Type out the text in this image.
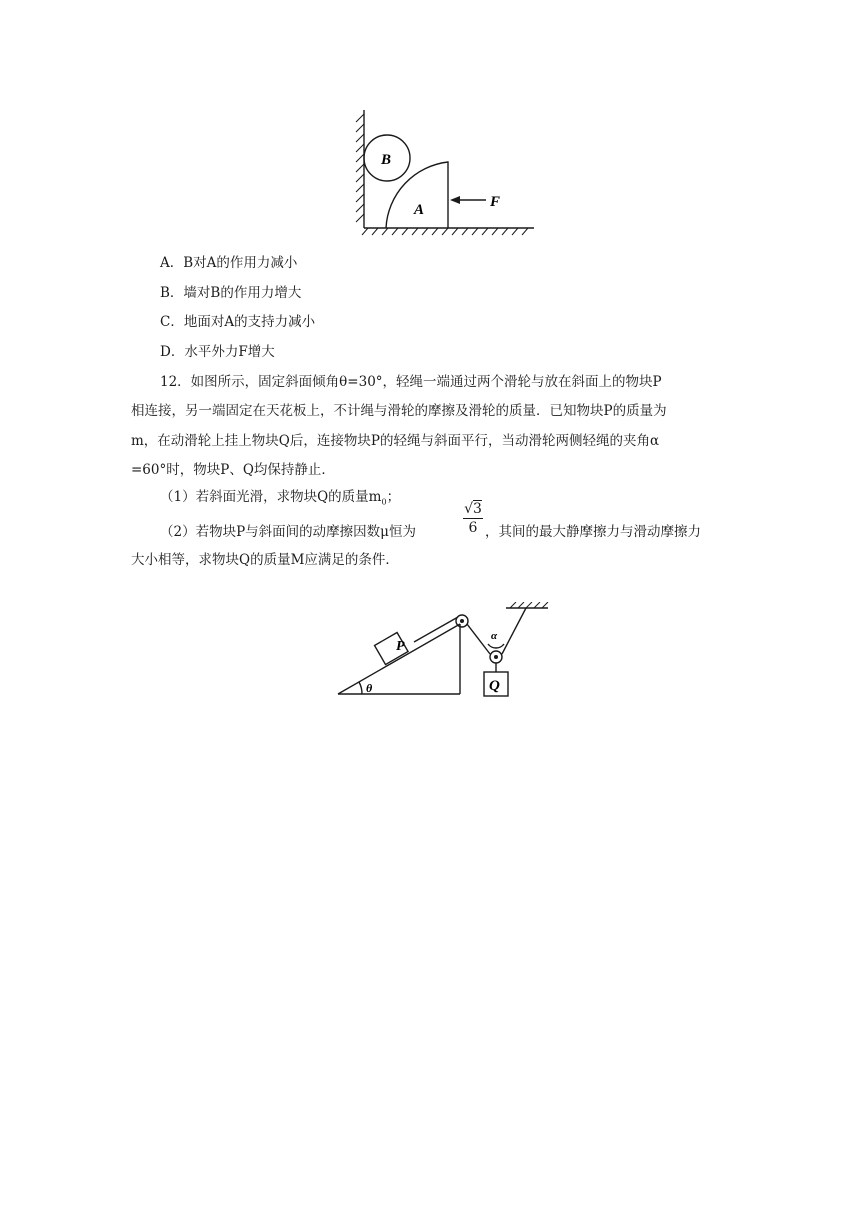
B
A	F
A．B对A的作用力减小
B．墙对B的作用力增大
C．地面对A的支持力减小
D．水平外力F增大
12．如图所示，固定斜面倾角θ=30°，轻绳一端通过两个滑轮与放在斜面上的物块P
相连接，另一端固定在天花板上，不计绳与滑轮的摩擦及滑轮的质量．已知物块P的质量为
m，在动滑轮上挂上物块Q后，连接物块P的轻绳与斜面平行，当动滑轮两侧轻绳的夹角α
=60°时，物块P、Q均保持静止．
（1）若斜面光滑，求物块Q的质量$m_0$；
（2）若物块P与斜面间的动摩擦因数μ恒为	$\frac{√3}{6}$ ，其间的最大静摩擦力与滑动摩擦力
大小相等，求物块Q的质量M应满足的条件．
P
θ
α
Q
